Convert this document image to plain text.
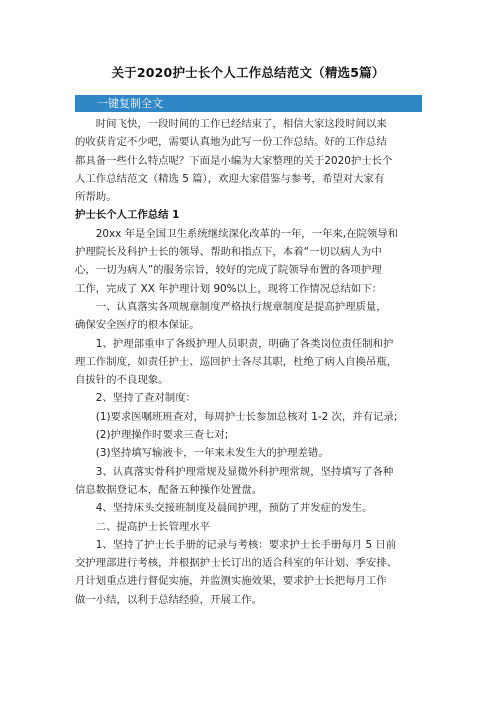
关于2020护士长个人工作总结范文（精选5篇）
一键复制全文
　　时间飞快，一段时间的工作已经结束了，相信大家这段时间以来
的收获肯定不少吧，需要认真地为此写一份工作总结。好的工作总结
都具备一些什么特点呢？下面是小编为大家整理的关于2020护士长个
人工作总结范文（精选 5 篇），欢迎大家借鉴与参考，希望对大家有
所帮助。
护士长个人工作总结 1
　　20xx 年是全国卫生系统继续深化改革的一年，一年来,在院领导和
护理院长及科护士长的领导、帮助和指点下，本着“一切以病人为中
心，一切为病人”的服务宗旨，较好的完成了院领导布置的各项护理
工作，完成了 XX 年护理计划 90%以上，现将工作情况总结如下：
　　一、认真落实各项规章制度严格执行规章制度是提高护理质量，
确保安全医疗的根本保证。
　　1、护理部重申了各级护理人员职责，明确了各类岗位责任制和护
理工作制度，如责任护士、巡回护士各尽其职，杜绝了病人自换吊瓶，
自拔针的不良现象。
　　2、坚持了查对制度：
　　(1)要求医嘱班班查对，每周护士长参加总核对 1-2 次，并有记录;
　　(2)护理操作时要求三查七对;
　　(3)坚持填写输液卡，一年来未发生大的护理差错。
　　3、认真落实骨科护理常规及显微外科护理常规，坚持填写了各种
信息数据登记本，配备五种操作处置盘。
　　4、坚持床头交接班制度及晨间护理，预防了并发症的发生。
　　二、提高护士长管理水平
　　1、坚持了护士长手册的记录与考核：要求护士长手册每月 5 日前
交护理部进行考核，并根据护士长订出的适合科室的年计划、季安排、
月计划重点进行督促实施，并监测实施效果，要求护士长把每月工作
做一小结，以利于总结经验，开展工作。
